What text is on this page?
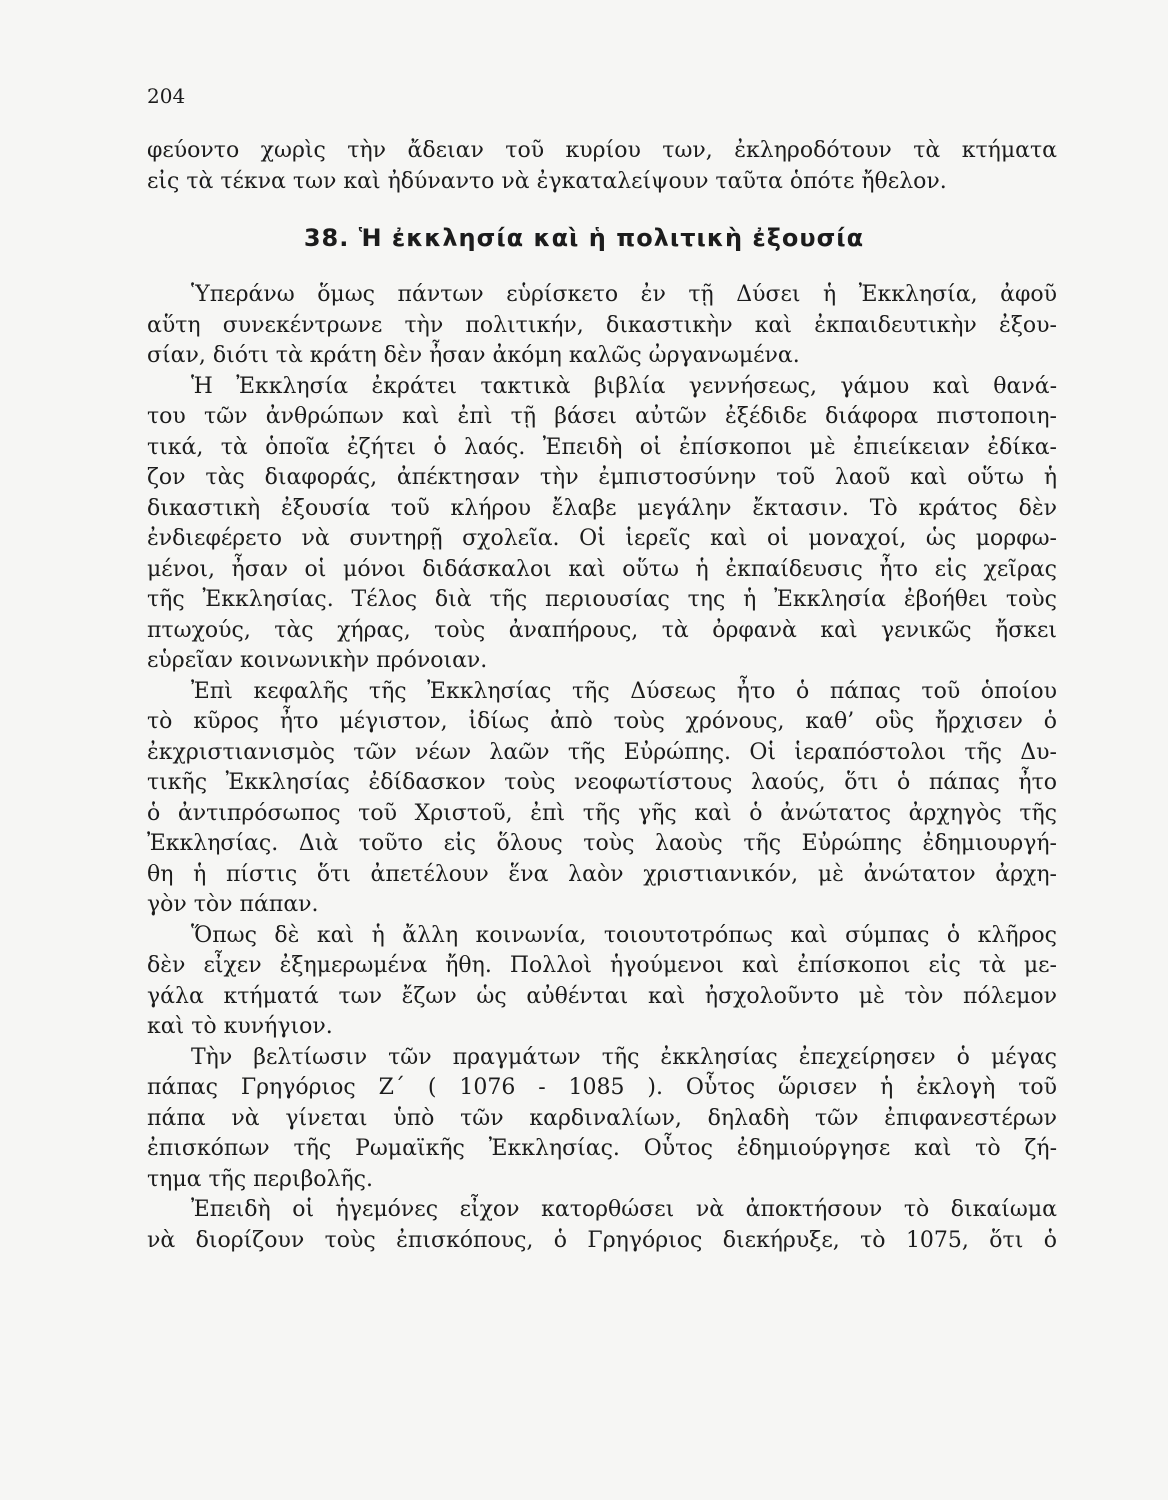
204
φεύοντο χωρὶς τὴν ἄδειαν τοῦ κυρίου των, ἐκληροδότουν τὰ κτήματα
εἰς τὰ τέκνα των καὶ ἠδύναντο νὰ ἐγκαταλείψουν ταῦτα ὁπότε ἤθελον.
38. Ἡ ἐκκλησία καὶ ἡ πολιτικὴ ἐξουσία
Ὑπεράνω ὅμως πάντων εὑρίσκετο ἐν τῇ Δύσει ἡ Ἐκκλησία, ἀφοῦ
αὕτη συνεκέντρωνε τὴν πολιτικήν, δικαστικὴν καὶ ἐκπαιδευτικὴν ἐξου-
σίαν, διότι τὰ κράτη δὲν ἦσαν ἀκόμη καλῶς ὠργανωμένα.
Ἡ Ἐκκλησία ἐκράτει τακτικὰ βιβλία γεννήσεως, γάμου καὶ θανά-
του τῶν ἀνθρώπων καὶ ἐπὶ τῇ βάσει αὐτῶν ἐξέδιδε διάφορα πιστοποιη-
τικά, τὰ ὁποῖα ἐζήτει ὁ λαός. Ἐπειδὴ οἱ ἐπίσκοποι μὲ ἐπιείκειαν ἐδίκα-
ζον τὰς διαφοράς, ἀπέκτησαν τὴν ἐμπιστοσύνην τοῦ λαοῦ καὶ οὕτω ἡ
δικαστικὴ ἐξουσία τοῦ κλήρου ἔλαβε μεγάλην ἔκτασιν. Τὸ κράτος δὲν
ἐνδιεφέρετο νὰ συντηρῇ σχολεῖα. Οἱ ἱερεῖς καὶ οἱ μοναχοί, ὡς μορφω-
μένοι, ἦσαν οἱ μόνοι διδάσκαλοι καὶ οὕτω ἡ ἐκπαίδευσις ἦτο εἰς χεῖρας
τῆς Ἐκκλησίας. Τέλος διὰ τῆς περιουσίας της ἡ Ἐκκλησία ἐβοήθει τοὺς
πτωχούς, τὰς χήρας, τοὺς ἀναπήρους, τὰ ὀρφανὰ καὶ γενικῶς ἤσκει
εὑρεῖαν κοινωνικὴν πρόνοιαν.
Ἐπὶ κεφαλῆς τῆς Ἐκκλησίας τῆς Δύσεως ἦτο ὁ πάπας τοῦ ὁποίου
τὸ κῦρος ἦτο μέγιστον, ἰδίως ἀπὸ τοὺς χρόνους, καθ’ οὓς ἤρχισεν ὁ
ἐκχριστιανισμὸς τῶν νέων λαῶν τῆς Εὐρώπης. Οἱ ἱεραπόστολοι τῆς Δυ-
τικῆς Ἐκκλησίας ἐδίδασκον τοὺς νεοφωτίστους λαούς, ὅτι ὁ πάπας ἦτο
ὁ ἀντιπρόσωπος τοῦ Χριστοῦ, ἐπὶ τῆς γῆς καὶ ὁ ἀνώτατος ἀρχηγὸς τῆς
Ἐκκλησίας. Διὰ τοῦτο εἰς ὅλους τοὺς λαοὺς τῆς Εὐρώπης ἐδημιουργή-
θη ἡ πίστις ὅτι ἀπετέλουν ἕνα λαὸν χριστιανικόν, μὲ ἀνώτατον ἀρχη-
γὸν τὸν πάπαν.
Ὅπως δὲ καὶ ἡ ἄλλη κοινωνία, τοιουτοτρόπως καὶ σύμπας ὁ κλῆρος
δὲν εἶχεν ἐξημερωμένα ἤθη. Πολλοὶ ἡγούμενοι καὶ ἐπίσκοποι εἰς τὰ με-
γάλα κτήματά των ἔζων ὡς αὐθένται καὶ ἠσχολοῦντο μὲ τὸν πόλεμον
καὶ τὸ κυνήγιον.
Τὴν βελτίωσιν τῶν πραγμάτων τῆς ἐκκλησίας ἐπεχείρησεν ὁ μέγας
πάπας Γρηγόριος Ζ΄ ( 1076 - 1085 ). Οὗτος ὥρισεν ἡ ἐκλογὴ τοῦ
πάπα νὰ γίνεται ὑπὸ τῶν καρδιναλίων, δηλαδὴ τῶν ἐπιφανεστέρων
ἐπισκόπων τῆς Ρωμαϊκῆς Ἐκκλησίας. Οὗτος ἐδημιούργησε καὶ τὸ ζή-
τημα τῆς περιβολῆς.
Ἐπειδὴ οἱ ἡγεμόνες εἶχον κατορθώσει νὰ ἀποκτήσουν τὸ δικαίωμα
νὰ διορίζουν τοὺς ἐπισκόπους, ὁ Γρηγόριος διεκήρυξε, τὸ 1075, ὅτι ὁ
